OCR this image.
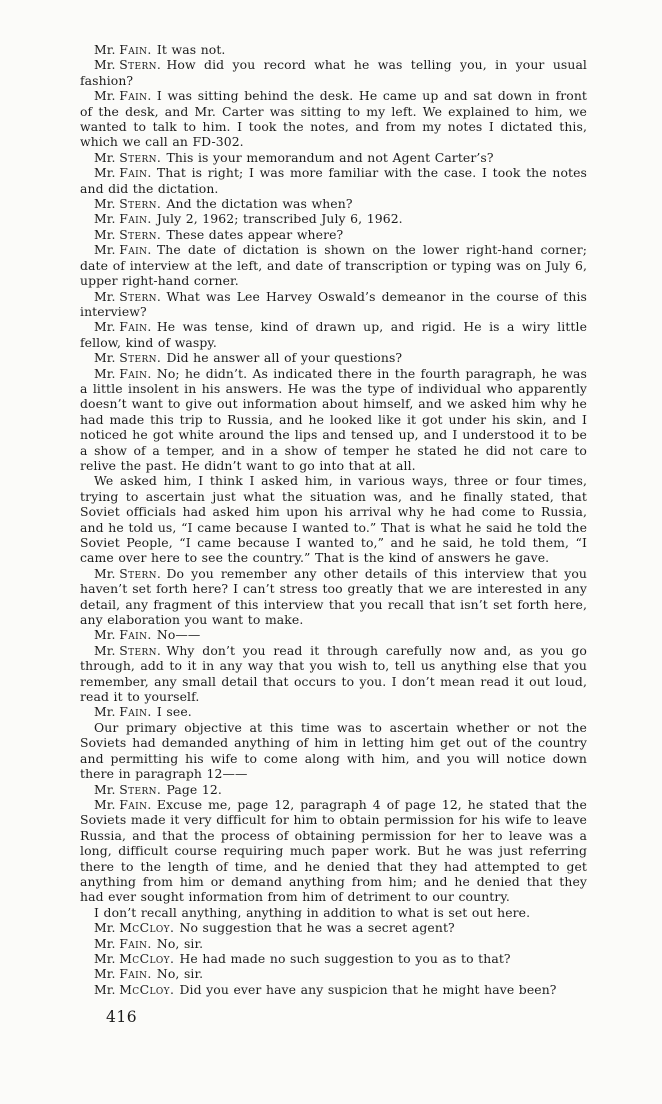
Mr. Fain. It was not.

Mr. Stern. How did you record what he was telling you, in your usual fashion?

Mr. Fain. I was sitting behind the desk. He came up and sat down in front of the desk, and Mr. Carter was sitting to my left. We explained to him, we wanted to talk to him. I took the notes, and from my notes I dictated this, which we call an FD-302.

Mr. Stern. This is your memorandum and not Agent Carter’s?

Mr. Fain. That is right; I was more familiar with the case. I took the notes and did the dictation.

Mr. Stern. And the dictation was when?

Mr. Fain. July 2, 1962; transcribed July 6, 1962.

Mr. Stern. These dates appear where?

Mr. Fain. The date of dictation is shown on the lower right-hand corner; date of interview at the left, and date of transcription or typing was on July 6, upper right-hand corner.

Mr. Stern. What was Lee Harvey Oswald’s demeanor in the course of this interview?

Mr. Fain. He was tense, kind of drawn up, and rigid. He is a wiry little fellow, kind of waspy.

Mr. Stern. Did he answer all of your questions?

Mr. Fain. No; he didn’t. As indicated there in the fourth paragraph, he was a little insolent in his answers. He was the type of individual who apparently doesn’t want to give out information about himself, and we asked him why he had made this trip to Russia, and he looked like it got under his skin, and I noticed he got white around the lips and tensed up, and I understood it to be a show of a temper, and in a show of temper he stated he did not care to relive the past. He didn’t want to go into that at all.

We asked him, I think I asked him, in various ways, three or four times, trying to ascertain just what the situation was, and he finally stated, that Soviet officials had asked him upon his arrival why he had come to Russia, and he told us, “I came because I wanted to.” That is what he said he told the Soviet People, “I came because I wanted to,” and he said, he told them, “I came over here to see the country.” That is the kind of answers he gave.

Mr. Stern. Do you remember any other details of this interview that you haven’t set forth here? I can’t stress too greatly that we are interested in any detail, any fragment of this interview that you recall that isn’t set forth here, any elaboration you want to make.

Mr. Fain. No——

Mr. Stern. Why don’t you read it through carefully now and, as you go through, add to it in any way that you wish to, tell us anything else that you remember, any small detail that occurs to you. I don’t mean read it out loud, read it to yourself.

Mr. Fain. I see.

Our primary objective at this time was to ascertain whether or not the Soviets had demanded anything of him in letting him get out of the country and permitting his wife to come along with him, and you will notice down there in paragraph 12——

Mr. Stern. Page 12.

Mr. Fain. Excuse me, page 12, paragraph 4 of page 12, he stated that the Soviets made it very difficult for him to obtain permission for his wife to leave Russia, and that the process of obtaining permission for her to leave was a long, difficult course requiring much paper work. But he was just referring there to the length of time, and he denied that they had attempted to get anything from him or demand anything from him; and he denied that they had ever sought information from him of detriment to our country.

I don’t recall anything, anything in addition to what is set out here.

Mr. McCloy. No suggestion that he was a secret agent?

Mr. Fain. No, sir.

Mr. McCloy. He had made no such suggestion to you as to that?

Mr. Fain. No, sir.

Mr. McCloy. Did you ever have any suspicion that he might have been?

416
